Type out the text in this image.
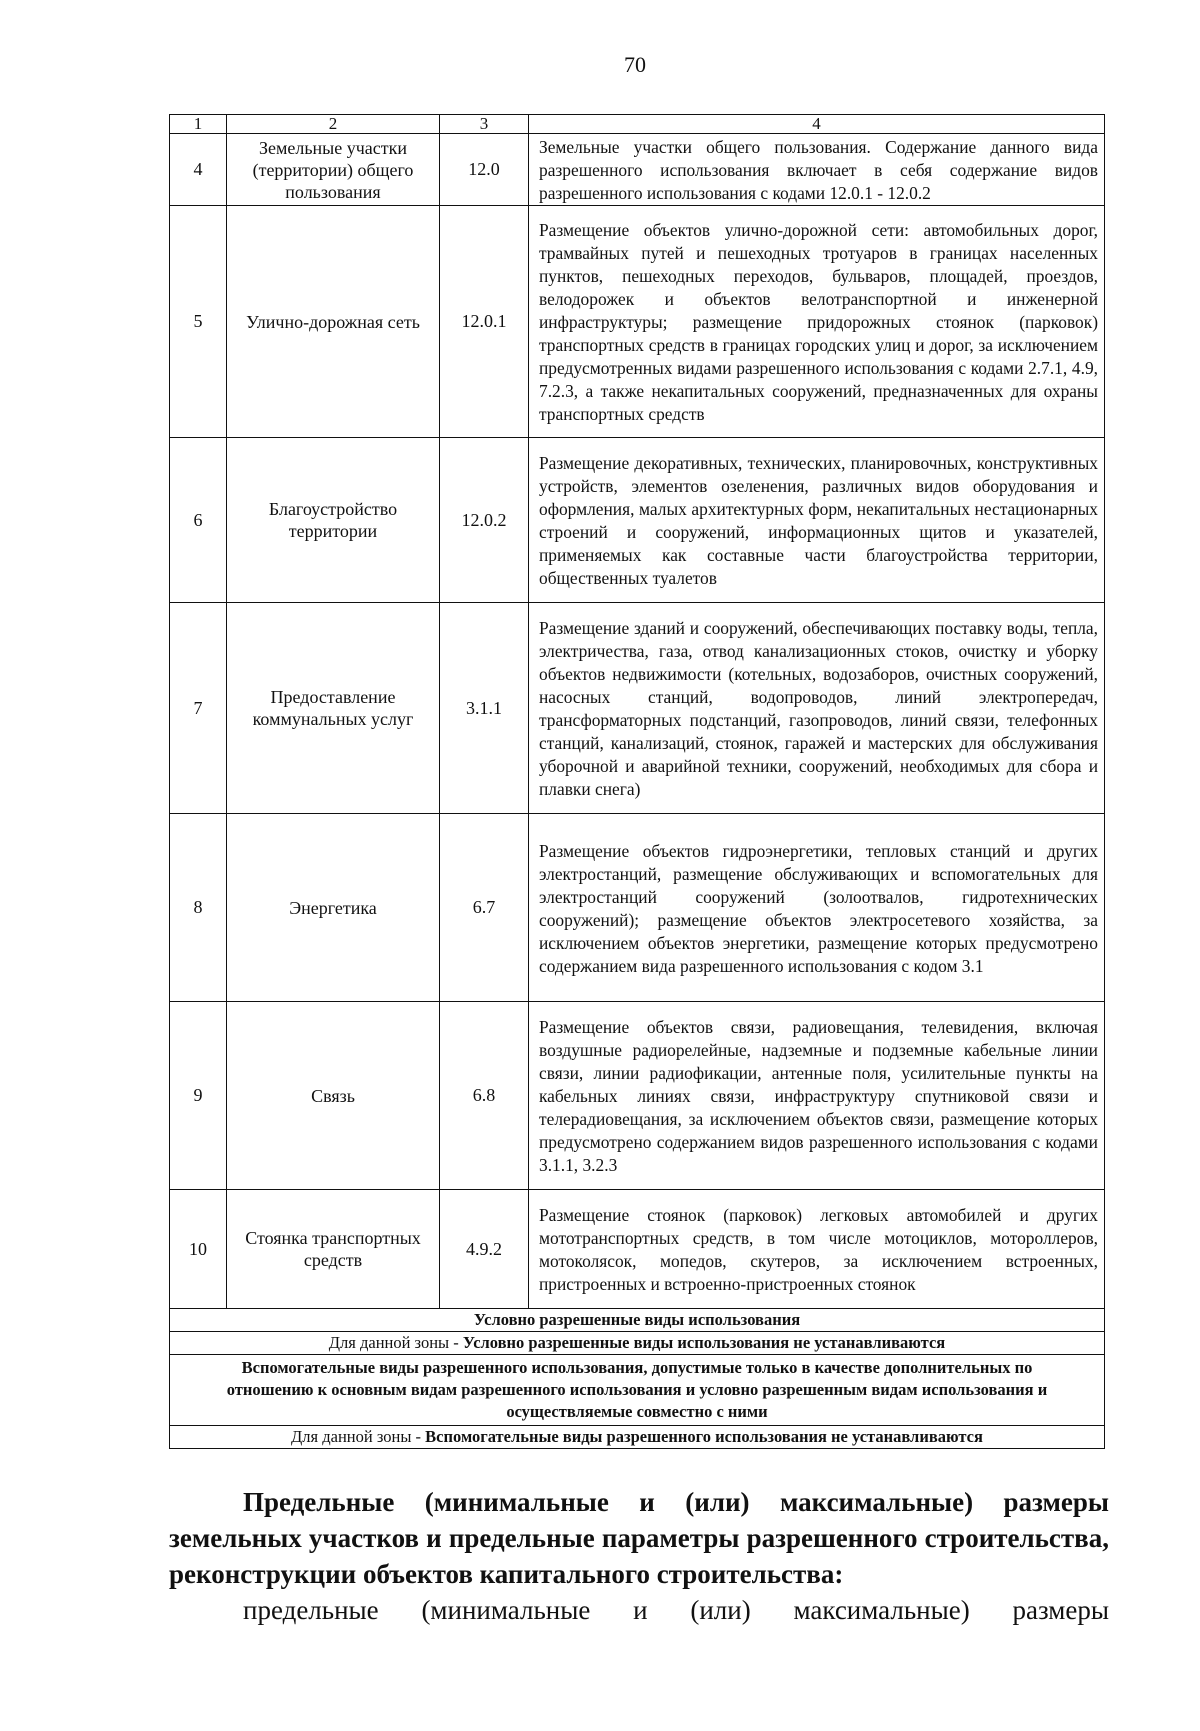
70
1	2	3	4
4	Земельные участки (территории) общего пользования	12.0	Земельные участки общего пользования. Содержание данного вида разрешенного использования включает в себя содержание видов разрешенного использования с кодами 12.0.1 - 12.0.2
5	Улично-дорожная сеть	12.0.1	Размещение объектов улично-дорожной сети: автомобильных дорог, трамвайных путей и пешеходных тротуаров в границах населенных пунктов, пешеходных переходов, бульваров, площадей, проездов, велодорожек и объектов велотранспортной и инженерной инфраструктуры; размещение придорожных стоянок (парковок) транспортных средств в границах городских улиц и дорог, за исключением предусмотренных видами разрешенного использования с кодами 2.7.1, 4.9, 7.2.3, а также некапитальных сооружений, предназначенных для охраны транспортных средств
6	Благоустройство территории	12.0.2	Размещение декоративных, технических, планировочных, конструктивных устройств, элементов озеленения, различных видов оборудования и оформления, малых архитектурных форм, некапитальных нестационарных строений и сооружений, информационных щитов и указателей, применяемых как составные части благоустройства территории, общественных туалетов
7	Предоставление коммунальных услуг	3.1.1	Размещение зданий и сооружений, обеспечивающих поставку воды, тепла, электричества, газа, отвод канализационных стоков, очистку и уборку объектов недвижимости (котельных, водозаборов, очистных сооружений, насосных станций, водопроводов, линий электропередач, трансформаторных подстанций, газопроводов, линий связи, телефонных станций, канализаций, стоянок, гаражей и мастерских для обслуживания уборочной и аварийной техники, сооружений, необходимых для сбора и плавки снега)
8	Энергетика	6.7	Размещение объектов гидроэнергетики, тепловых станций и других электростанций, размещение обслуживающих и вспомогательных для электростанций сооружений (золоотвалов, гидротехнических сооружений); размещение объектов электросетевого хозяйства, за исключением объектов энергетики, размещение которых предусмотрено содержанием вида разрешенного использования с кодом 3.1
9	Связь	6.8	Размещение объектов связи, радиовещания, телевидения, включая воздушные радиорелейные, надземные и подземные кабельные линии связи, линии радиофикации, антенные поля, усилительные пункты на кабельных линиях связи, инфраструктуру спутниковой связи и телерадиовещания, за исключением объектов связи, размещение которых предусмотрено содержанием видов разрешенного использования с кодами 3.1.1, 3.2.3
10	Стоянка транспортных средств	4.9.2	Размещение стоянок (парковок) легковых автомобилей и других мототранспортных средств, в том числе мотоциклов, мотороллеров, мотоколясок, мопедов, скутеров, за исключением встроенных, пристроенных и встроенно-пристроенных стоянок
Условно разрешенные виды использования			
Для данной зоны - Условно разрешенные виды использования не устанавливаются			
Вспомогательные виды разрешенного использования, допустимые только в качестве дополнительных по отношению к основным видам разрешенного использования и условно разрешенным видам использования и осуществляемые совместно с ними			
Для данной зоны - Вспомогательные виды разрешенного использования не устанавливаются			
Предельные (минимальные и (или) максимальные) размеры земельных участков и предельные параметры разрешенного строительства, реконструкции объектов капитального строительства:
предельные (минимальные и (или) максимальные) размеры
